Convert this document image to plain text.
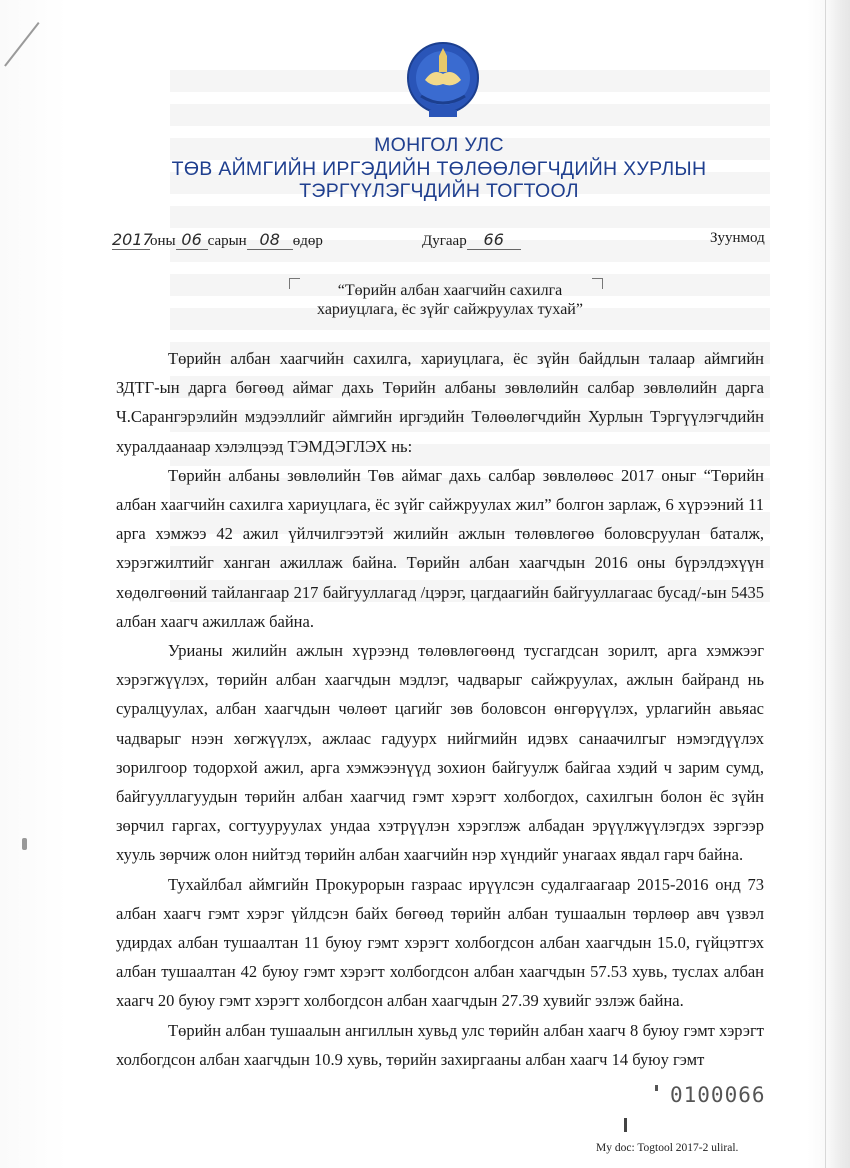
МОНГОЛ УЛС
ТӨВ АЙМГИЙН ИРГЭДИЙН ТӨЛӨӨЛӨГЧДИЙН ХУРЛЫН
ТЭРГҮҮЛЭГЧДИЙН ТОГТООЛ
2017оны 06 сарын 08 өдөр	Дугаар 66	Зуунмод
“Төрийн албан хаагчийн сахилга
хариуцлага, ёс зүйг сайжруулах тухай”

Төрийн албан хаагчийн сахилга, хариуцлага, ёс зүйн байдлын талаар аймгийн ЗДТГ-ын дарга бөгөөд аймаг дахь Төрийн албаны зөвлөлийн салбар зөвлөлийн дарга Ч.Сарангэрэлийн мэдээллийг аймгийн иргэдийн Төлөөлөгчдийн Хурлын Тэргүүлэгчдийн хуралдаанаар хэлэлцээд ТЭМДЭГЛЭХ нь:

Төрийн албаны зөвлөлийн Төв аймаг дахь салбар зөвлөлөөс 2017 оныг “Төрийн албан хаагчийн сахилга хариуцлага, ёс зүйг сайжруулах жил” болгон зарлаж, 6 хүрээний 11 арга хэмжээ 42 ажил үйлчилгээтэй жилийн ажлын төлөвлөгөө боловсруулан баталж, хэрэгжилтийг ханган ажиллаж байна. Төрийн албан хаагчдын 2016 оны бүрэлдэхүүн хөдөлгөөний тайлангаар 217 байгууллагад /цэрэг, цагдаагийн байгууллагаас бусад/-ын 5435 албан хаагч ажиллаж байна.

Урианы жилийн ажлын хүрээнд төлөвлөгөөнд тусгагдсан зорилт, арга хэмжээг хэрэгжүүлэх, төрийн албан хаагчдын мэдлэг, чадварыг сайжруулах, ажлын байранд нь суралцуулах, албан хаагчдын чөлөөт цагийг зөв боловсон өнгөрүүлэх, урлагийн авьяас чадварыг нээн хөгжүүлэх, ажлаас гадуурх нийгмийн идэвх санаачилгыг нэмэгдүүлэх зорилгоор тодорхой ажил, арга хэмжээнүүд зохион байгуулж байгаа хэдий ч зарим сумд, байгууллагуудын төрийн албан хаагчид гэмт хэрэгт холбогдох, сахилгын болон ёс зүйн зөрчил гаргах, согтууруулах ундаа хэтрүүлэн хэрэглэж албадан эрүүлжүүлэгдэх зэргээр хууль зөрчиж олон нийтэд төрийн албан хаагчийн нэр хүндийг унагаах явдал гарч байна.

Тухайлбал аймгийн Прокурорын газраас ирүүлсэн судалгаагаар 2015-2016 онд 73 албан хаагч гэмт хэрэг үйлдсэн байх бөгөөд төрийн албан тушаалын төрлөөр авч үзвэл удирдах албан тушаалтан 11 буюу гэмт хэрэгт холбогдсон албан хаагчдын 15.0, гүйцэтгэх албан тушаалтан 42 буюу гэмт хэрэгт холбогдсон албан хаагчдын 57.53 хувь, туслах албан хаагч 20 буюу гэмт хэрэгт холбогдсон албан хаагчдын 27.39 хувийг эзлэж байна.

Төрийн албан тушаалын ангиллын хувьд улс төрийн албан хаагч 8 буюу гэмт хэрэгт холбогдсон албан хаагчдын 10.9 хувь, төрийн захиргааны албан хаагч 14 буюу гэмт

0100066
My doc: Togtool 2017-2 uliral.
